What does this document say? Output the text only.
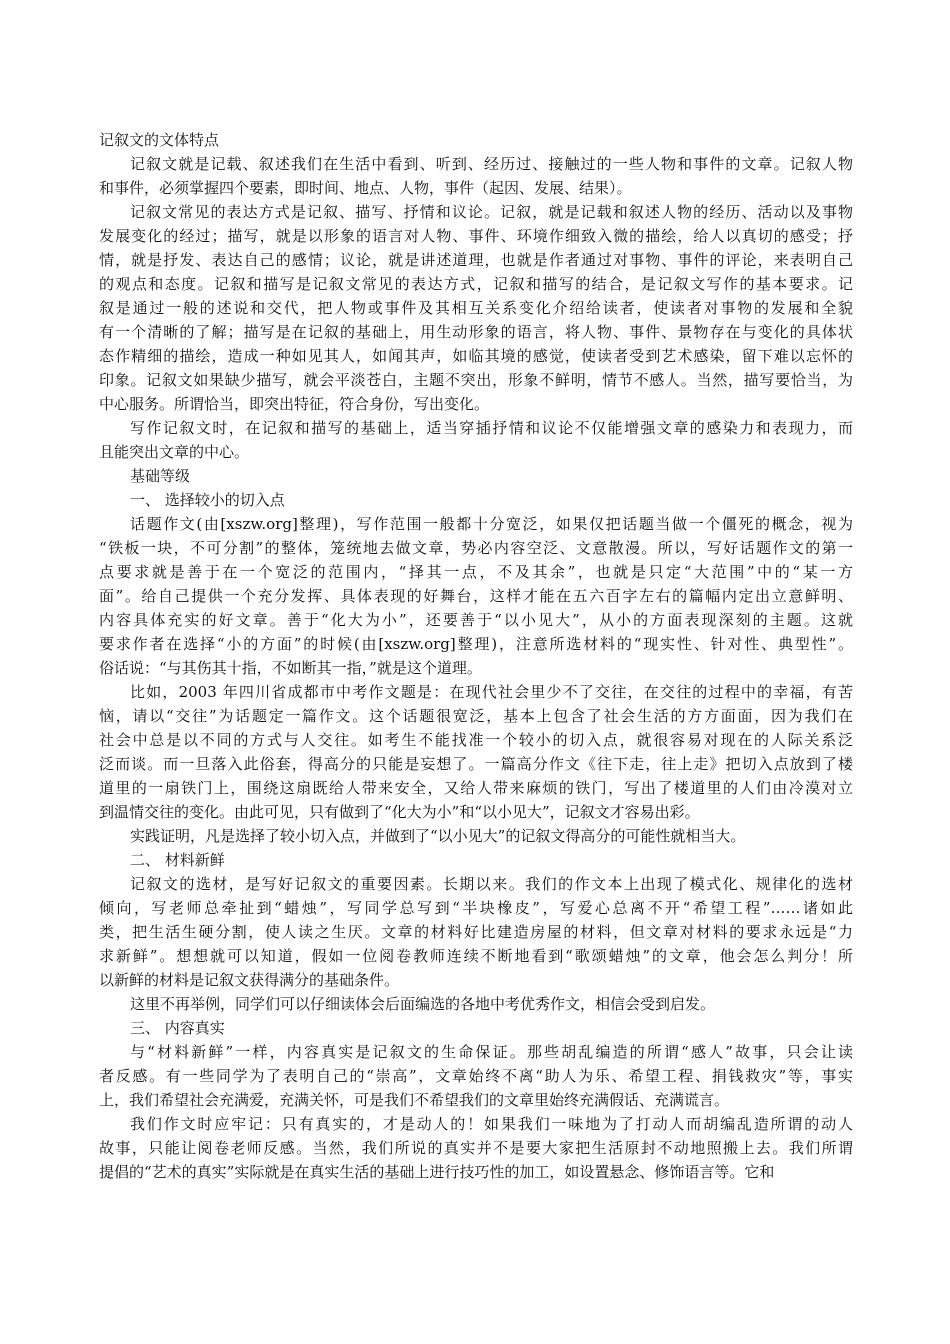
记叙文的文体特点
记叙文就是记载、叙述我们在生活中看到、听到、经历过、接触过的一些人物和事件的文章。记叙人物
和事件，必须掌握四个要素，即时间、地点、人物，事件（起因、发展、结果）。
记叙文常见的表达方式是记叙、描写、抒情和议论。记叙，就是记载和叙述人物的经历、活动以及事物
发展变化的经过；描写，就是以形象的语言对人物、事件、环境作细致入微的描绘，给人以真切的感受；抒
情，就是抒发、表达自己的感情；议论，就是讲述道理，也就是作者通过对事物、事件的评论，来表明自己
的观点和态度。记叙和描写是记叙文常见的表达方式，记叙和描写的结合，是记叙文写作的基本要求。记
叙是通过一般的述说和交代，把人物或事件及其相互关系变化介绍给读者，使读者对事物的发展和全貌
有一个清晰的了解；描写是在记叙的基础上，用生动形象的语言，将人物、事件、景物存在与变化的具体状
态作精细的描绘，造成一种如见其人，如闻其声，如临其境的感觉，使读者受到艺术感染，留下难以忘怀的
印象。记叙文如果缺少描写，就会平淡苍白，主题不突出，形象不鲜明，情节不感人。当然，描写要恰当，为
中心服务。所谓恰当，即突出特征，符合身份，写出变化。
写作记叙文时，在记叙和描写的基础上，适当穿插抒情和议论不仅能增强文章的感染力和表现力，而
且能突出文章的中心。
基础等级
一、 选择较小的切入点
话题作文(由[xszw.org]整理)，写作范围一般都十分宽泛，如果仅把话题当做一个僵死的概念，视为
“铁板一块，不可分割”的整体，笼统地去做文章，势必内容空泛、文意散漫。所以，写好话题作文的第一
点要求就是善于在一个宽泛的范围内，“择其一点，不及其余”，也就是只定“大范围”中的“某一方
面”。给自己提供一个充分发挥、具体表现的好舞台，这样才能在五六百字左右的篇幅内定出立意鲜明、
内容具体充实的好文章。善于“化大为小”，还要善于“以小见大”，从小的方面表现深刻的主题。这就
要求作者在选择“小的方面”的时候(由[xszw.org]整理)，注意所选材料的“现实性、针对性、典型性”。
俗话说：“与其伤其十指，不如断其一指，”就是这个道理。
比如，2003 年四川省成都市中考作文题是：在现代社会里少不了交往，在交往的过程中的幸福，有苦
恼，请以“交往”为话题定一篇作文。这个话题很宽泛，基本上包含了社会生活的方方面面，因为我们在
社会中总是以不同的方式与人交往。如考生不能找准一个较小的切入点，就很容易对现在的人际关系泛
泛而谈。而一旦落入此俗套，得高分的只能是妄想了。一篇高分作文《往下走，往上走》把切入点放到了楼
道里的一扇铁门上，围绕这扇既给人带来安全，又给人带来麻烦的铁门，写出了楼道里的人们由冷漠对立
到温情交往的变化。由此可见，只有做到了“化大为小”和“以小见大”，记叙文才容易出彩。
实践证明，凡是选择了较小切入点，并做到了“以小见大”的记叙文得高分的可能性就相当大。
二、 材料新鲜
记叙文的选材，是写好记叙文的重要因素。长期以来。我们的作文本上出现了模式化、规律化的选材
倾向，写老师总牵扯到“蜡烛”，写同学总写到“半块橡皮”，写爱心总离不开“希望工程”……诸如此
类，把生活生硬分割，使人读之生厌。文章的材料好比建造房屋的材料，但文章对材料的要求永远是“力
求新鲜”。想想就可以知道，假如一位阅卷教师连续不断地看到“歌颂蜡烛”的文章，他会怎么判分！所
以新鲜的材料是记叙文获得满分的基础条件。
这里不再举例，同学们可以仔细读体会后面编选的各地中考优秀作文，相信会受到启发。
三、 内容真实
与“材料新鲜”一样，内容真实是记叙文的生命保证。那些胡乱编造的所谓“感人”故事，只会让读
者反感。有一些同学为了表明自己的“崇高”，文章始终不离“助人为乐、希望工程、捐钱救灾”等，事实
上，我们希望社会充满爱，充满关怀，可是我们不希望我们的文章里始终充满假话、充满谎言。
我们作文时应牢记：只有真实的，才是动人的！如果我们一味地为了打动人而胡编乱造所谓的动人
故事，只能让阅卷老师反感。当然，我们所说的真实并不是要大家把生活原封不动地照搬上去。我们所谓
提倡的“艺术的真实”实际就是在真实生活的基础上进行技巧性的加工，如设置悬念、修饰语言等。它和
